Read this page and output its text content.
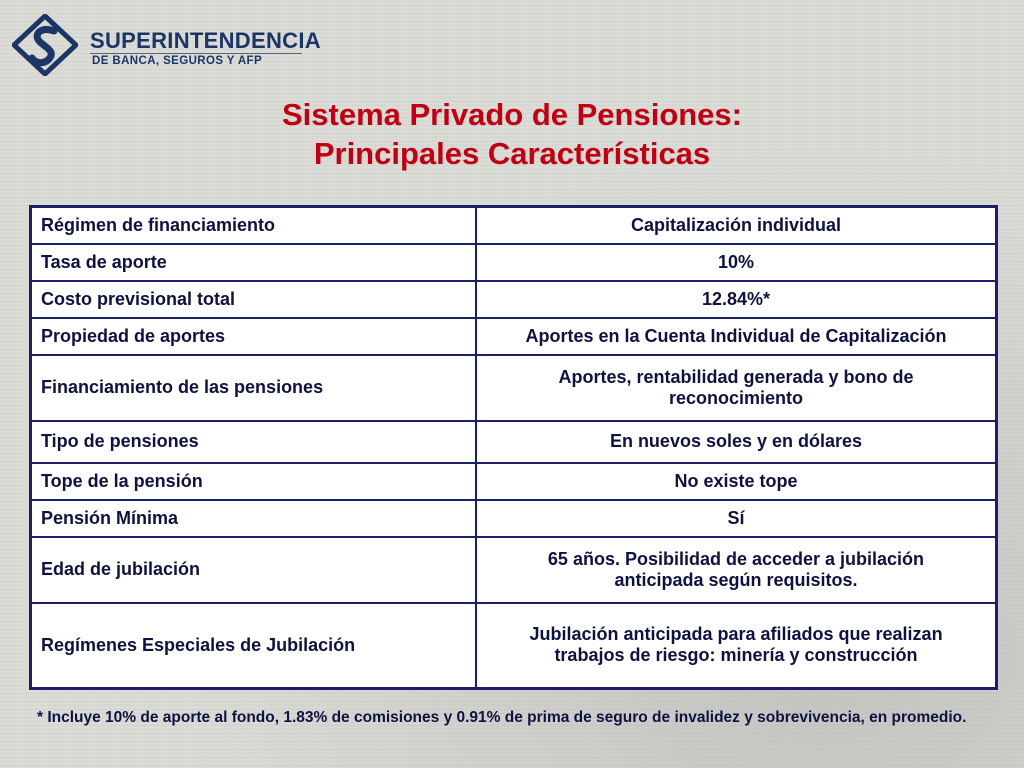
SUPERINTENDENCIA
DE BANCA, SEGUROS Y AFP
Sistema Privado de Pensiones:
Principales Características
Régimen de financiamiento	Capitalización individual
Tasa de aporte	10%
Costo previsional total	12.84%*
Propiedad de aportes	Aportes en la Cuenta Individual de Capitalización
Financiamiento de las pensiones	Aportes, rentabilidad generada y bono de reconocimiento
Tipo de pensiones	En nuevos soles y en dólares
Tope de la pensión	No existe tope
Pensión Mínima	Sí
Edad de jubilación	65 años. Posibilidad de acceder a jubilación anticipada según requisitos.
Regímenes Especiales de Jubilación	Jubilación anticipada para afiliados que realizan trabajos de riesgo: minería y construcción
* Incluye 10% de aporte al fondo, 1.83% de comisiones y 0.91% de prima de seguro de invalidez y sobrevivencia, en promedio.
